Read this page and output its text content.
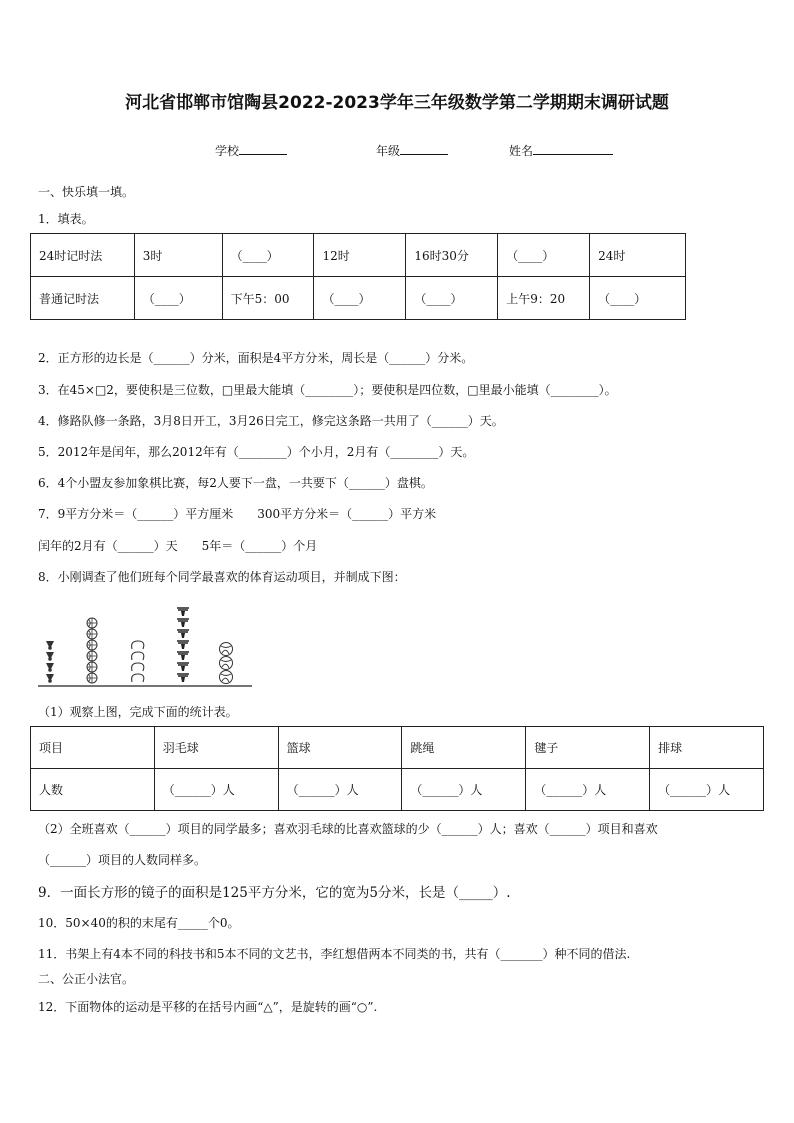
河北省邯郸市馆陶县2022-2023学年三年级数学第二学期期末调研试题
学校	年级	姓名
一、快乐填一填。
1．填表。
24时记时法	3时	（____）	12时	16时30分	（____）	24时
普通记时法	（____）	下午5：00	（____）	（____）	上午9：20	（____）
2．正方形的边长是（______）分米，面积是4平方分米，周长是（______）分米。
3．在45×□2，要使积是三位数，□里最大能填（________）；要使积是四位数，□里最小能填（________）。
4．修路队修一条路，3月8日开工，3月26日完工，修完这条路一共用了（______）天。
5．2012年是闰年，那么2012年有（________）个小月，2月有（________）天。
6．4个小盟友参加象棋比赛，每2人要下一盘，一共要下（______）盘棋。
7．9平方分米＝（______）平方厘米　　300平方分米＝（______）平方米
闰年的2月有（______）天　　5年＝（______）个月
8．小刚调查了他们班每个同学最喜欢的体育运动项目，并制成下图：
（1）观察上图，完成下面的统计表。
项目	羽毛球	篮球	跳绳	毽子	排球
人数	（______）人	（______）人	（______）人	（______）人	（______）人
（2）全班喜欢（______）项目的同学最多；喜欢羽毛球的比喜欢篮球的少（______）人；喜欢（______）项目和喜欢
（______）项目的人数同样多。
9．一面长方形的镜子的面积是125平方分米，它的宽为5分米，长是（_____）.
10．50×40的积的末尾有_____个0。
11．书架上有4本不同的科技书和5本不同的文艺书，李红想借两本不同类的书，共有（_______）种不同的借法.
二、公正小法官。
12．下面物体的运动是平移的在括号内画“△”，是旋转的画“○”.
